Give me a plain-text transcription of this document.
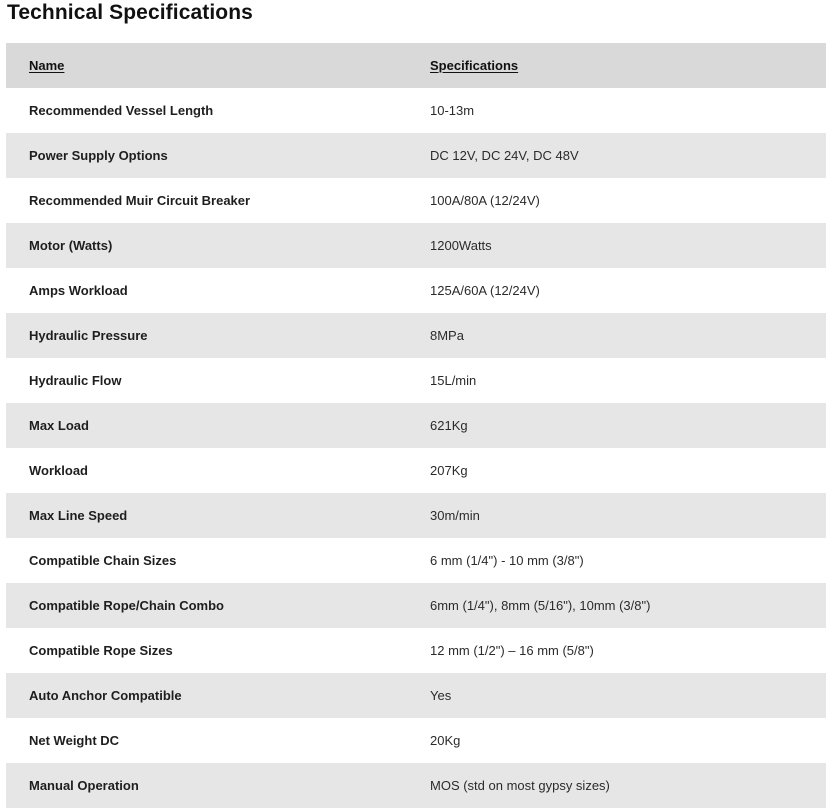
Technical Specifications
Name	Specifications
Recommended Vessel Length	10-13m
Power Supply Options	DC 12V, DC 24V, DC 48V
Recommended Muir Circuit Breaker	100A/80A (12/24V)
Motor (Watts)	1200Watts
Amps Workload	125A/60A (12/24V)
Hydraulic Pressure	8MPa
Hydraulic Flow	15L/min
Max Load	621Kg
Workload	207Kg
Max Line Speed	30m/min
Compatible Chain Sizes	6 mm (1/4") - 10 mm (3/8")
Compatible Rope/Chain Combo	6mm (1/4"), 8mm (5/16"), 10mm (3/8")
Compatible Rope Sizes	12 mm (1/2") – 16 mm (5/8")
Auto Anchor Compatible	Yes
Net Weight DC	20Kg
Manual Operation	MOS (std on most gypsy sizes)
